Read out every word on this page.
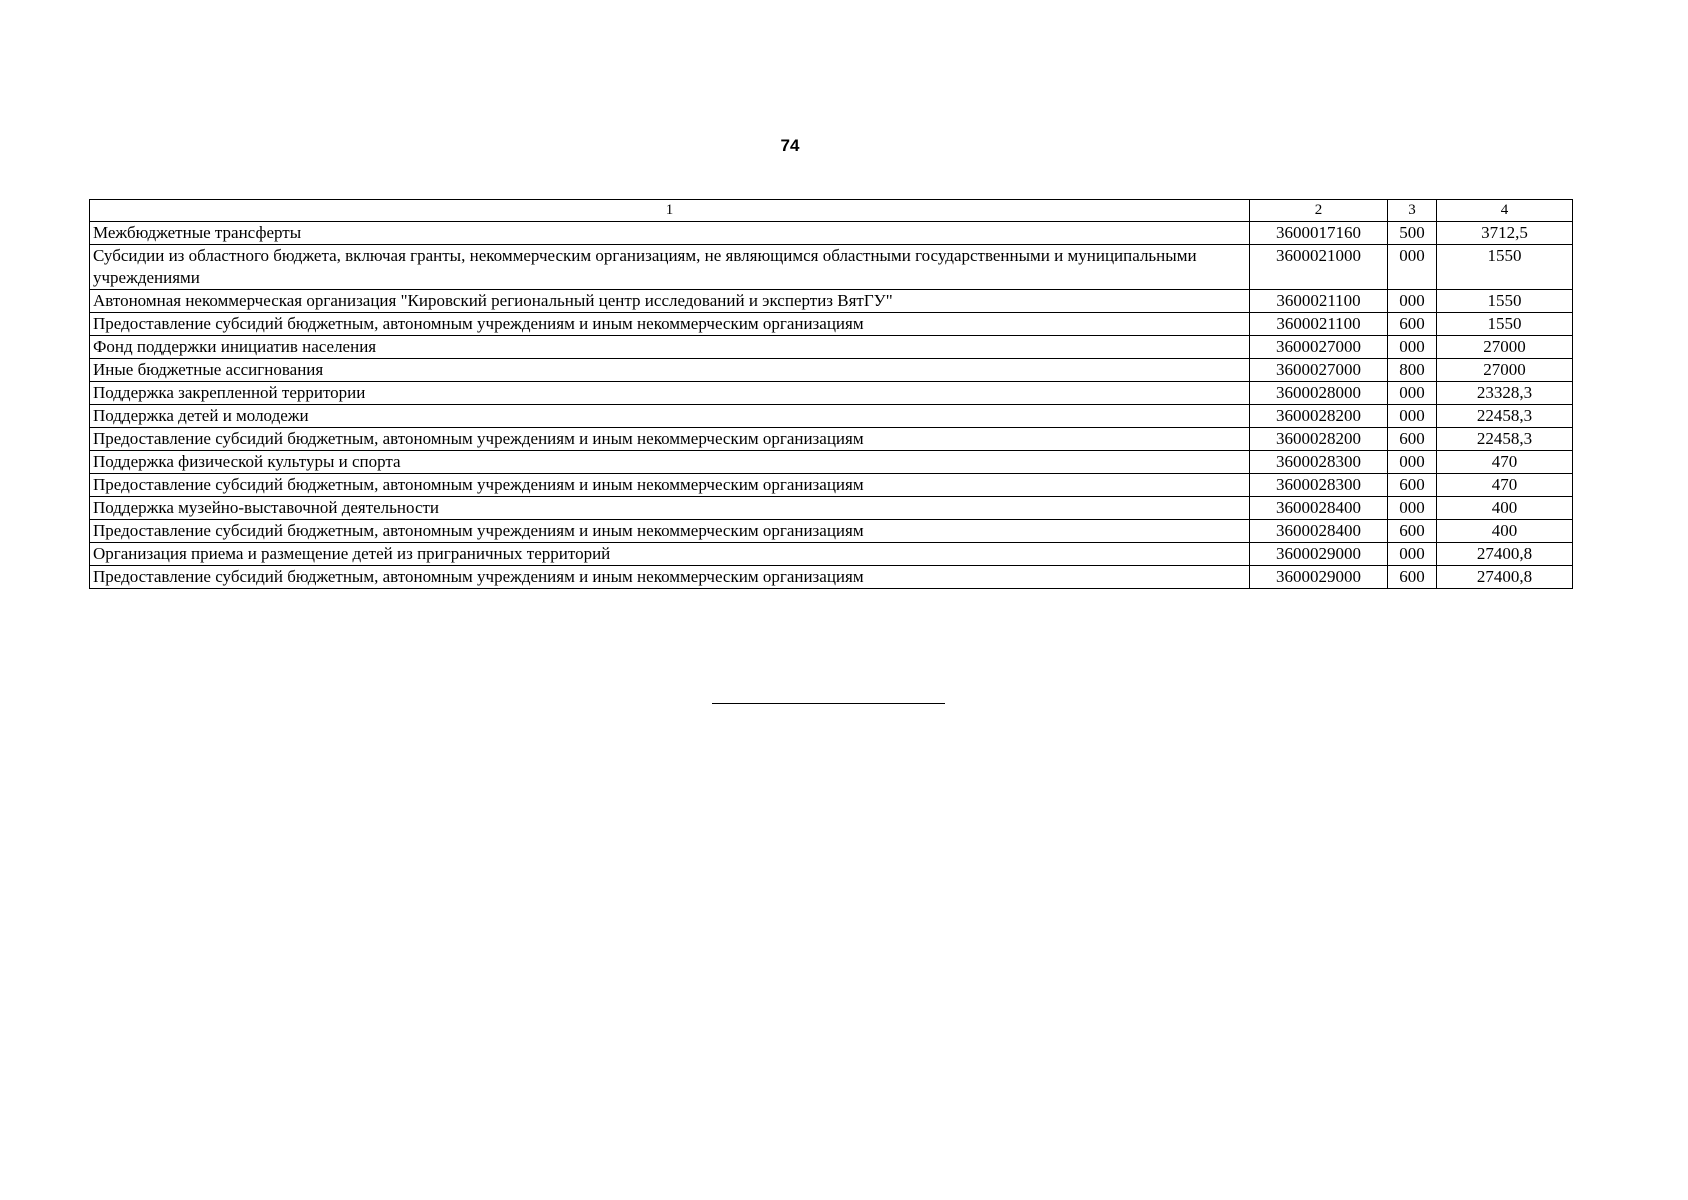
74
1	2	3	4
Межбюджетные трансферты	3600017160	500	3712,5
Субсидии из областного бюджета, включая гранты, некоммерческим организациям, не являющимся областными государственными и муниципальными учреждениями	3600021000	000	1550
Автономная некоммерческая организация "Кировский региональный центр исследований и экспертиз ВятГУ"	3600021100	000	1550
Предоставление субсидий бюджетным, автономным учреждениям и иным некоммерческим организациям	3600021100	600	1550
Фонд поддержки инициатив населения	3600027000	000	27000
Иные бюджетные ассигнования	3600027000	800	27000
Поддержка закрепленной территории	3600028000	000	23328,3
Поддержка детей и молодежи	3600028200	000	22458,3
Предоставление субсидий бюджетным, автономным учреждениям и иным некоммерческим организациям	3600028200	600	22458,3
Поддержка физической культуры и спорта	3600028300	000	470
Предоставление субсидий бюджетным, автономным учреждениям и иным некоммерческим организациям	3600028300	600	470
Поддержка музейно-выставочной деятельности	3600028400	000	400
Предоставление субсидий бюджетным, автономным учреждениям и иным некоммерческим организациям	3600028400	600	400
Организация приема и размещение детей из приграничных территорий	3600029000	000	27400,8
Предоставление субсидий бюджетным, автономным учреждениям и иным некоммерческим организациям	3600029000	600	27400,8
